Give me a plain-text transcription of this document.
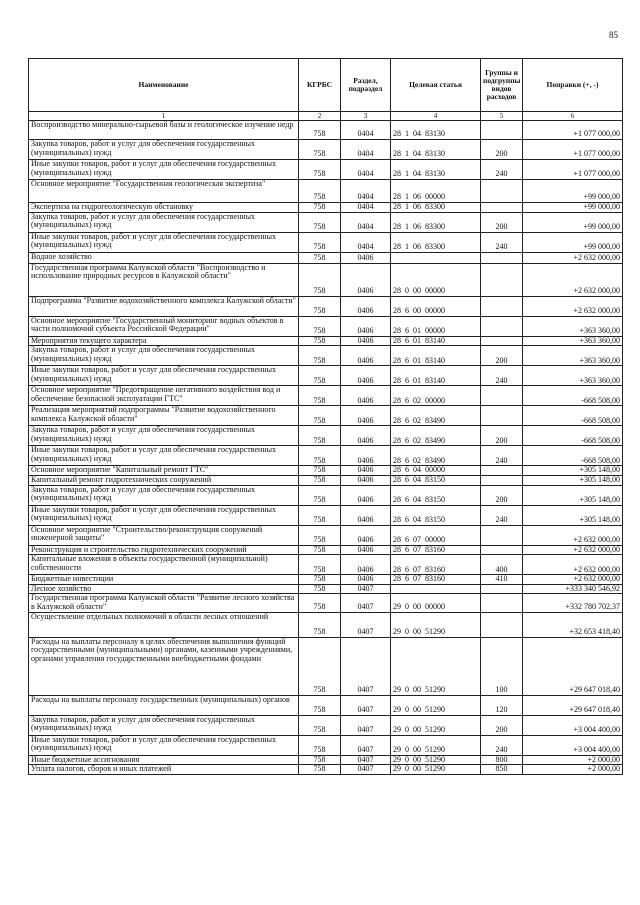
85
Наименование	КГРБС	Раздел, подраздел	Целевая статья	Группы и подгруппы видов расходов	Поправки (+, -)
1	2	3	4	5	6
Воспроизводство минерально-сырьевой базы и геологическое изучение недр	758	0404	28  1  04  83130		+1 077 000,00
Закупка товаров, работ и услуг для обеспечения государственных (муниципальных) нужд	758	0404	28  1  04  83130	200	+1 077 000,00
Иные закупки товаров, работ и услуг для обеспечения государственных (муниципальных) нужд	758	0404	28  1  04  83130	240	+1 077 000,00
Основное мероприятие "Государственная геологическая экспертиза"	758	0404	28  1  06  00000		+99 000,00
Экспертиза на гидрогеологическую обстановку	758	0404	28  1  06  83300		+99 000,00
Закупка товаров, работ и услуг для обеспечения государственных (муниципальных) нужд	758	0404	28  1  06  83300	200	+99 000,00
Иные закупки товаров, работ и услуг для обеспечения государственных (муниципальных) нужд	758	0404	28  1  06  83300	240	+99 000,00
Водное хозяйство	758	0406			+2 632 000,00
Государственная программа Калужской области "Воспроизводство и использование природных ресурсов в Калужской области"	758	0406	28  0  00  00000		+2 632 000,00
Подпрограмма "Развитие водохозяйственного комплекса Калужской области"	758	0406	28  6  00  00000		+2 632 000,00
Основное мероприятие "Государственный мониторинг водных объектов в части полномочий субъекта Российской Федерации"	758	0406	28  6  01  00000		+363 360,00
Мероприятия текущего характера	758	0406	28  6  01  83140		+363 360,00
Закупка товаров, работ и услуг для обеспечения государственных (муниципальных) нужд	758	0406	28  6  01  83140	200	+363 360,00
Иные закупки товаров, работ и услуг для обеспечения государственных (муниципальных) нужд	758	0406	28  6  01  83140	240	+363 360,00
Основное мероприятие "Предотвращение негативного воздействия вод и обеспечение безопасной эксплуатации ГТС"	758	0406	28  6  02  00000		-668 508,00
Реализация мероприятий подпрограммы "Развитие водохозяйственного комплекса Калужской области"	758	0406	28  6  02  83490		-668 508,00
Закупка товаров, работ и услуг для обеспечения государственных (муниципальных) нужд	758	0406	28  6  02  83490	200	-668 508,00
Иные закупки товаров, работ и услуг для обеспечения государственных (муниципальных) нужд	758	0406	28  6  02  83490	240	-668 508,00
Основное мероприятие "Капитальный ремонт ГТС"	758	0406	28  6  04  00000		+305 148,00
Капитальный ремонт гидротехнических сооружений	758	0406	28  6  04  83150		+305 148,00
Закупка товаров, работ и услуг для обеспечения государственных (муниципальных) нужд	758	0406	28  6  04  83150	200	+305 148,00
Иные закупки товаров, работ и услуг для обеспечения государственных (муниципальных) нужд	758	0406	28  6  04  83150	240	+305 148,00
Основное мероприятие "Строительство/реконструкция сооружений инженерной защиты"	758	0406	28  6  07  00000		+2 632 000,00
Реконструкция и строительство гидротехнических сооружений	758	0406	28  6  07  83160		+2 632 000,00
Капитальные вложения в объекты государственной (муниципальной) собственности	758	0406	28  6  07  83160	400	+2 632 000,00
Бюджетные инвестиции	758	0406	28  6  07  83160	410	+2 632 000,00
Лесное хозяйство	758	0407			+333 340 546,92
Государственная программа Калужской области "Развитие лесного хозяйства в Калужской области"	758	0407	29  0  00  00000		+332 780 702,37
Осуществление отдельных полномочий в области лесных отношений	758	0407	29  0  00  51290		+32 653 418,40
Расходы на выплаты персоналу в целях обеспечения выполнения функций государственными (муниципальными) органами, казенными учреждениями, органами управления государственными внебюджетными фондами	758	0407	29  0  00  51290	100	+29 647 018,40
Расходы на выплаты персоналу государственных (муниципальных) органов	758	0407	29  0  00  51290	120	+29 647 018,40
Закупка товаров, работ и услуг для обеспечения государственных (муниципальных) нужд	758	0407	29  0  00  51290	200	+3 004 400,00
Иные закупки товаров, работ и услуг для обеспечения государственных (муниципальных) нужд	758	0407	29  0  00  51290	240	+3 004 400,00
Иные бюджетные ассигнования	758	0407	29  0  00  51290	800	+2 000,00
Уплата налогов, сборов и иных платежей	758	0407	29  0  00  51290	850	+2 000,00
